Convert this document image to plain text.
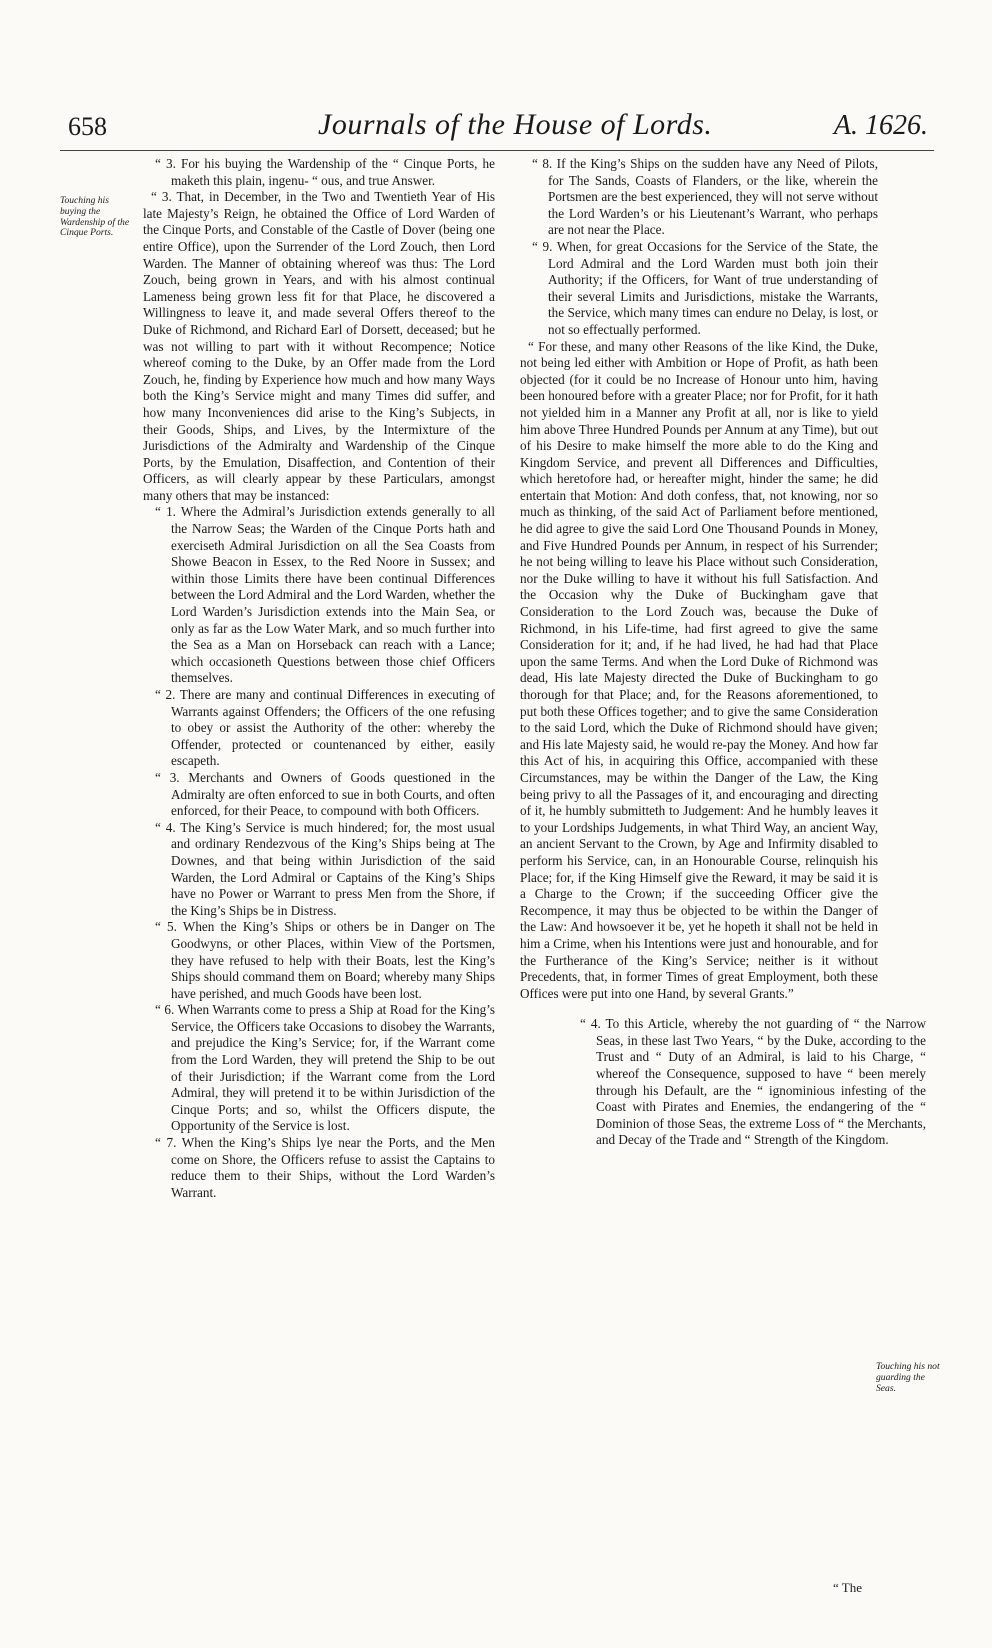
658	Journals of the House of Lords.	A. 1626.
Touching his buying the Wardenship of the Cinque Ports.
Touching his not guarding the Seas.

“ 3. For his buying the Wardenship of the “ Cinque Ports, he maketh this plain, ingenu- “ ous, and true Answer.

“ 3. That, in December, in the Two and Twentieth Year of His late Majesty’s Reign, he obtained the Office of Lord Warden of the Cinque Ports, and Constable of the Castle of Dover (being one entire Office), upon the Surrender of the Lord Zouch, then Lord Warden. The Manner of obtaining whereof was thus: The Lord Zouch, being grown in Years, and with his almost continual Lameness being grown less fit for that Place, he discovered a Willingness to leave it, and made several Offers thereof to the Duke of Richmond, and Richard Earl of Dorsett, deceased; but he was not willing to part with it without Recompence; Notice whereof coming to the Duke, by an Offer made from the Lord Zouch, he, finding by Experience how much and how many Ways both the King’s Service might and many Times did suffer, and how many Inconveniences did arise to the King’s Subjects, in their Goods, Ships, and Lives, by the Intermixture of the Jurisdictions of the Admiralty and Wardenship of the Cinque Ports, by the Emulation, Disaffection, and Contention of their Officers, as will clearly appear by these Particulars, amongst many others that may be instanced:

“ 1. Where the Admiral’s Jurisdiction extends generally to all the Narrow Seas; the Warden of the Cinque Ports hath and exerciseth Admiral Jurisdiction on all the Sea Coasts from Showe Beacon in Essex, to the Red Noore in Sussex; and within those Limits there have been continual Differences between the Lord Admiral and the Lord Warden, whether the Lord Warden’s Jurisdiction extends into the Main Sea, or only as far as the Low Water Mark, and so much further into the Sea as a Man on Horseback can reach with a Lance; which occasioneth Questions between those chief Officers themselves.

“ 2. There are many and continual Differences in executing of Warrants against Offenders; the Officers of the one refusing to obey or assist the Authority of the other: whereby the Offender, protected or countenanced by either, easily escapeth.

“ 3. Merchants and Owners of Goods questioned in the Admiralty are often enforced to sue in both Courts, and often enforced, for their Peace, to compound with both Officers.

“ 4. The King’s Service is much hindered; for, the most usual and ordinary Rendezvous of the King’s Ships being at The Downes, and that being within Jurisdiction of the said Warden, the Lord Admiral or Captains of the King’s Ships have no Power or Warrant to press Men from the Shore, if the King’s Ships be in Distress.

“ 5. When the King’s Ships or others be in Danger on The Goodwyns, or other Places, within View of the Portsmen, they have refused to help with their Boats, lest the King’s Ships should command them on Board; whereby many Ships have perished, and much Goods have been lost.

“ 6. When Warrants come to press a Ship at Road for the King’s Service, the Officers take Occasions to disobey the Warrants, and prejudice the King’s Service; for, if the Warrant come from the Lord Warden, they will pretend the Ship to be out of their Jurisdiction; if the Warrant come from the Lord Admiral, they will pretend it to be within Jurisdiction of the Cinque Ports; and so, whilst the Officers dispute, the Opportunity of the Service is lost.

“ 7. When the King’s Ships lye near the Ports, and the Men come on Shore, the Officers refuse to assist the Captains to reduce them to their Ships, without the Lord Warden’s Warrant.

“ 8. If the King’s Ships on the sudden have any Need of Pilots, for The Sands, Coasts of Flanders, or the like, wherein the Portsmen are the best experienced, they will not serve without the Lord Warden’s or his Lieutenant’s Warrant, who perhaps are not near the Place.

“ 9. When, for great Occasions for the Service of the State, the Lord Admiral and the Lord Warden must both join their Authority; if the Officers, for Want of true understanding of their several Limits and Jurisdictions, mistake the Warrants, the Service, which many times can endure no Delay, is lost, or not so effectually performed.

“ For these, and many other Reasons of the like Kind, the Duke, not being led either with Ambition or Hope of Profit, as hath been objected (for it could be no Increase of Honour unto him, having been honoured before with a greater Place; nor for Profit, for it hath not yielded him in a Manner any Profit at all, nor is like to yield him above Three Hundred Pounds per Annum at any Time), but out of his Desire to make himself the more able to do the King and Kingdom Service, and prevent all Differences and Difficulties, which heretofore had, or hereafter might, hinder the same; he did entertain that Motion: And doth confess, that, not knowing, nor so much as thinking, of the said Act of Parliament before mentioned, he did agree to give the said Lord One Thousand Pounds in Money, and Five Hundred Pounds per Annum, in respect of his Surrender; he not being willing to leave his Place without such Consideration, nor the Duke willing to have it without his full Satisfaction. And the Occasion why the Duke of Buckingham gave that Consideration to the Lord Zouch was, because the Duke of Richmond, in his Life-time, had first agreed to give the same Consideration for it; and, if he had lived, he had had that Place upon the same Terms. And when the Lord Duke of Richmond was dead, His late Majesty directed the Duke of Buckingham to go thorough for that Place; and, for the Reasons aforementioned, to put both these Offices together; and to give the same Consideration to the said Lord, which the Duke of Richmond should have given; and His late Majesty said, he would re-pay the Money. And how far this Act of his, in acquiring this Office, accompanied with these Circumstances, may be within the Danger of the Law, the King being privy to all the Passages of it, and encouraging and directing of it, he humbly submitteth to Judgement: And he humbly leaves it to your Lordships Judgements, in what Third Way, an ancient Way, an ancient Servant to the Crown, by Age and Infirmity disabled to perform his Service, can, in an Honourable Course, relinquish his Place; for, if the King Himself give the Reward, it may be said it is a Charge to the Crown; if the succeeding Officer give the Recompence, it may thus be objected to be within the Danger of the Law: And howsoever it be, yet he hopeth it shall not be held in him a Crime, when his Intentions were just and honourable, and for the Furtherance of the King’s Service; neither is it without Precedents, that, in former Times of great Employment, both these Offices were put into one Hand, by several Grants.”

“ 4. To this Article, whereby the not guarding of “ the Narrow Seas, in these last Two Years, “ by the Duke, according to the Trust and “ Duty of an Admiral, is laid to his Charge, “ whereof the Consequence, supposed to have “ been merely through his Default, are the “ ignominious infesting of the Coast with Pirates and Enemies, the endangering of the “ Dominion of those Seas, the extreme Loss of “ the Merchants, and Decay of the Trade and “ Strength of the Kingdom.

“ The
